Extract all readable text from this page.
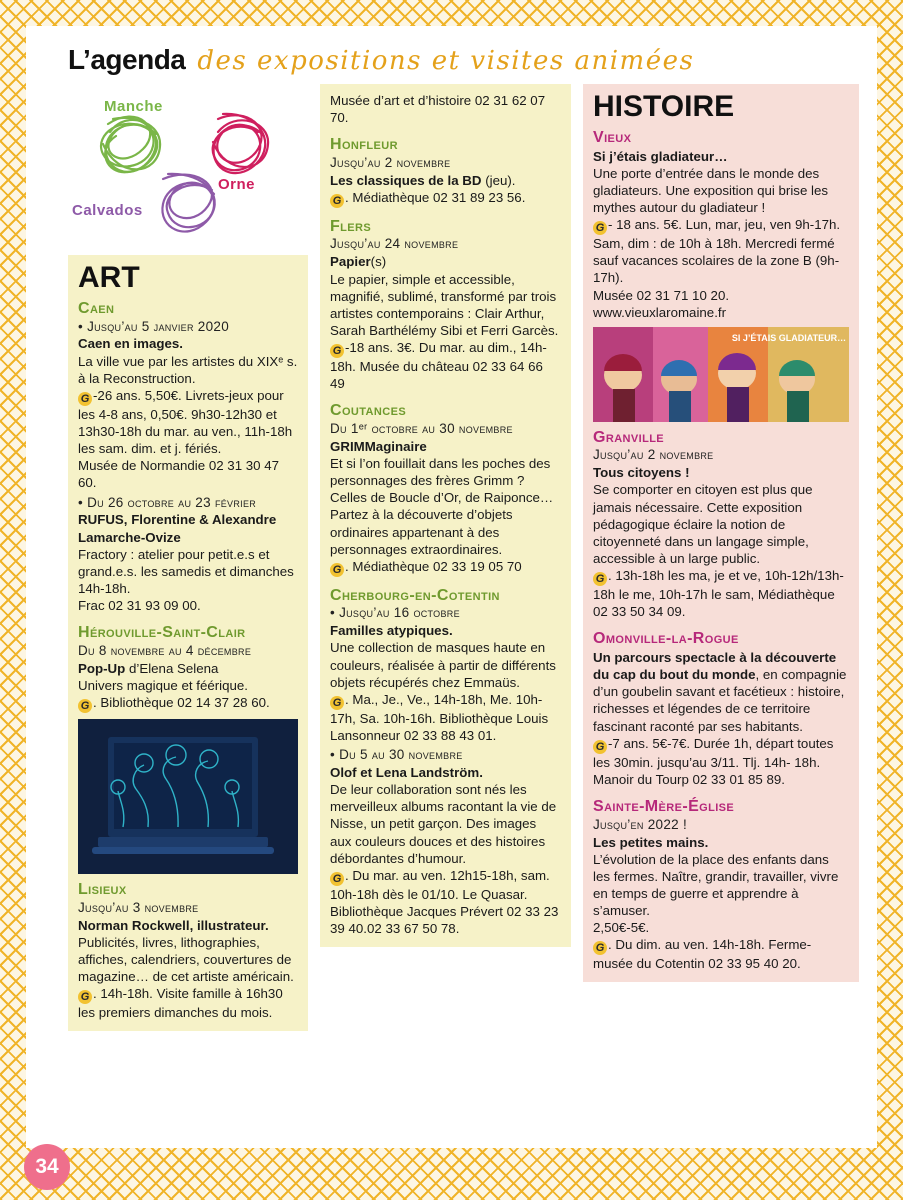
L’agenda des expositions et visites animées
Manche
Orne
Calvados
ART
Caen
• Jusqu’au 5 janvier 2020

Caen en images.

La ville vue par les artistes du XIXᵉ s. à la Reconstruction.

G -26 ans. 5,50€. Livrets-jeux pour les 4-8 ans, 0,50€. 9h30-12h30 et 13h30-18h du mar. au ven., 11h-18h les sam. dim. et j. fériés.

Musée de Normandie 02 31 30 47 60.

• Du 26 octobre au 23 février

RUFUS, Florentine & Alexandre Lamarche-Ovize

Fractory : atelier pour petit.e.s et grand.e.s. les samedis et dimanches 14h-18h.

Frac 02 31 93 09 00.

Hérouville-Saint-Clair
Du 8 novembre au 4 décembre

Pop-Up d’Elena Selena

Univers magique et féérique.

G . Bibliothèque 02 14 37 28 60.

Lisieux
Jusqu’au 3 novembre

Norman Rockwell, illustrateur.

Publicités, livres, lithographies, affiches, calendriers, couvertures de magazine… de cet artiste américain.

G . 14h-18h. Visite famille à 16h30 les premiers dimanches du mois.

Musée d’art et d’histoire 02 31 62 07 70.

Honfleur
Jusqu’au 2 novembre

Les classiques de la BD (jeu).

G . Médiathèque 02 31 89 23 56.

Flers
Jusqu’au 24 novembre

Papier(s)

Le papier, simple et accessible, magnifié, sublimé, transformé par trois artistes contemporains : Clair Arthur, Sarah Barthélémy Sibi et Ferri Garcès.

G -18 ans. 3€. Du mar. au dim., 14h-18h. Musée du château 02 33 64 66 49

Coutances
Du 1ᵉʳ octobre au 30 novembre

GRIMMaginaire

Et si l’on fouillait dans les poches des personnages des frères Grimm ? Celles de Boucle d’Or, de Raiponce… Partez à la découverte d’objets ordinaires appartenant à des personnages extraordinaires.

G . Médiathèque 02 33 19 05 70

Cherbourg-en-Cotentin
• Jusqu’au 16 octobre

Familles atypiques.

Une collection de masques haute en couleurs, réalisée à partir de différents objets récupérés chez Emmaüs.

G . Ma., Je., Ve., 14h-18h, Me. 10h-17h, Sa. 10h-16h. Bibliothèque Louis Lansonneur 02 33 88 43 01.

• Du 5 au 30 novembre

Olof et Lena Landström.

De leur collaboration sont nés les merveilleux albums racontant la vie de Nisse, un petit garçon. Des images aux couleurs douces et des histoires débordantes d’humour.

G . Du mar. au ven. 12h15-18h, sam. 10h-18h dès le 01/10. Le Quasar. Bibliothèque Jacques Prévert 02 33 23 39 40.02 33 67 50 78.

HISTOIRE
Vieux

Si j’étais gladiateur…

Une porte d’entrée dans le monde des gladiateurs. Une exposition qui brise les mythes autour du gladiateur !

G - 18 ans. 5€. Lun, mar, jeu, ven 9h-17h. Sam, dim : de 10h à 18h. Mercredi fermé sauf vacances scolaires de la zone B (9h-17h).

Musée 02 31 71 10 20.

www.vieuxlaromaine.fr

SI J’ÉTAIS GLADIATEUR…
Granville
Jusqu’au 2 novembre

Tous citoyens !

Se comporter en citoyen est plus que jamais nécessaire. Cette exposition pédagogique éclaire la notion de citoyenneté dans un langage simple, accessible à un large public.

G . 13h-18h les ma, je et ve, 10h-12h/13h-18h le me, 10h-17h le sam, Médiathèque 02 33 50 34 09.

Omonville-la-Rogue

Un parcours spectacle à la découverte du cap du bout du monde, en compagnie d’un goubelin savant et facétieux : histoire, richesses et légendes de ce territoire fascinant raconté par ses habitants.

G -7 ans. 5€-7€. Durée 1h, départ toutes les 30min. jusqu’au 3/11. Tlj. 14h- 18h. Manoir du Tourp 02 33 01 85 89.

Sainte-Mère-Église
Jusqu’en 2022 !

Les petites mains.

L’évolution de la place des enfants dans les fermes. Naître, grandir, travailler, vivre en temps de guerre et apprendre à s’amuser.

2,50€-5€.

G . Du dim. au ven. 14h-18h. Ferme-musée du Cotentin 02 33 95 40 20.

34
